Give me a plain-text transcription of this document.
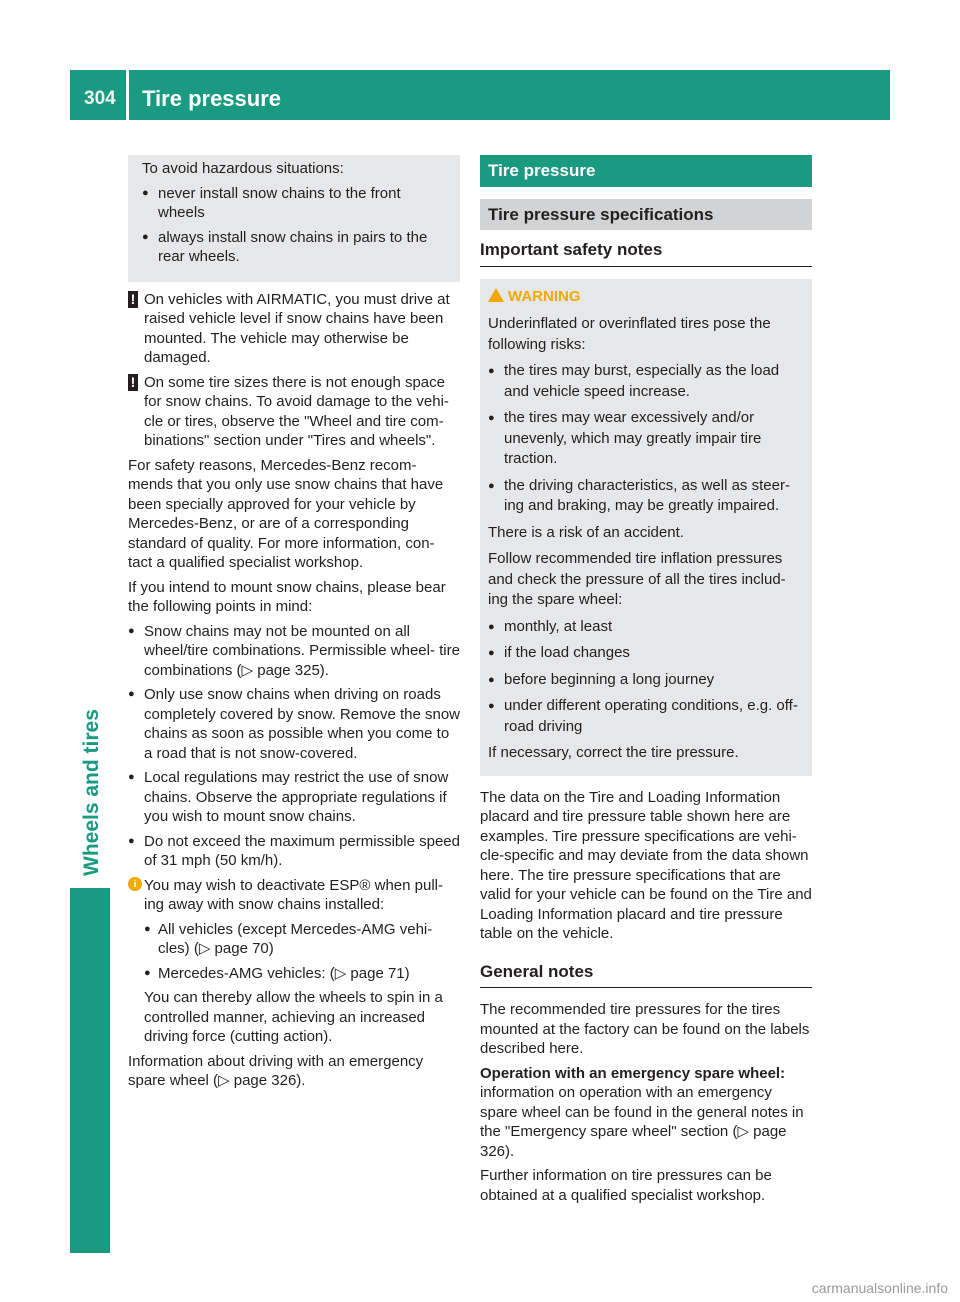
304 Tire pressure
Wheels and tires

To avoid hazardous situations:

● never install snow chains to the front wheels
● always install snow chains in pairs to the rear wheels.
! On vehicles with AIRMATIC, you must drive at raised vehicle level if snow chains have been mounted. The vehicle may otherwise be damaged.
! On some tire sizes there is not enough space for snow chains. To avoid damage to the vehi- cle or tires, observe the "Wheel and tire com- binations" section under "Tires and wheels".

For safety reasons, Mercedes-Benz recom- mends that you only use snow chains that have been specially approved for your vehicle by Mercedes-Benz, or are of a corresponding standard of quality. For more information, con- tact a qualified specialist workshop.

If you intend to mount snow chains, please bear the following points in mind:

● Snow chains may not be mounted on all wheel/tire combinations. Permissible wheel- tire combinations (▷ page 325).
● Only use snow chains when driving on roads completely covered by snow. Remove the snow chains as soon as possible when you come to a road that is not snow-covered.
● Local regulations may restrict the use of snow chains. Observe the appropriate regulations if you wish to mount snow chains.
● Do not exceed the maximum permissible speed of 31 mph (50 km/h).
i You may wish to deactivate ESP® when pull- ing away with snow chains installed:
● All vehicles (except Mercedes-AMG vehi- cles) (▷ page 70)
● Mercedes-AMG vehicles: (▷ page 71)

You can thereby allow the wheels to spin in a controlled manner, achieving an increased driving force (cutting action).

Information about driving with an emergency spare wheel (▷ page 326).

Tire pressure
Tire pressure specifications
Important safety notes
WARNING

Underinflated or overinflated tires pose the following risks:

● the tires may burst, especially as the load and vehicle speed increase.
● the tires may wear excessively and/or unevenly, which may greatly impair tire traction.
● the driving characteristics, as well as steer- ing and braking, may be greatly impaired.

There is a risk of an accident.

Follow recommended tire inflation pressures and check the pressure of all the tires includ- ing the spare wheel:

● monthly, at least
● if the load changes
● before beginning a long journey
● under different operating conditions, e.g. off-road driving

If necessary, correct the tire pressure.

The data on the Tire and Loading Information placard and tire pressure table shown here are examples. Tire pressure specifications are vehi- cle-specific and may deviate from the data shown here. The tire pressure specifications that are valid for your vehicle can be found on the Tire and Loading Information placard and tire pressure table on the vehicle.

General notes

The recommended tire pressures for the tires mounted at the factory can be found on the labels described here.

Operation with an emergency spare wheel:

information on operation with an emergency spare wheel can be found in the general notes in the "Emergency spare wheel" section (▷ page 326).

Further information on tire pressures can be obtained at a qualified specialist workshop.

carmanualsonline.info
